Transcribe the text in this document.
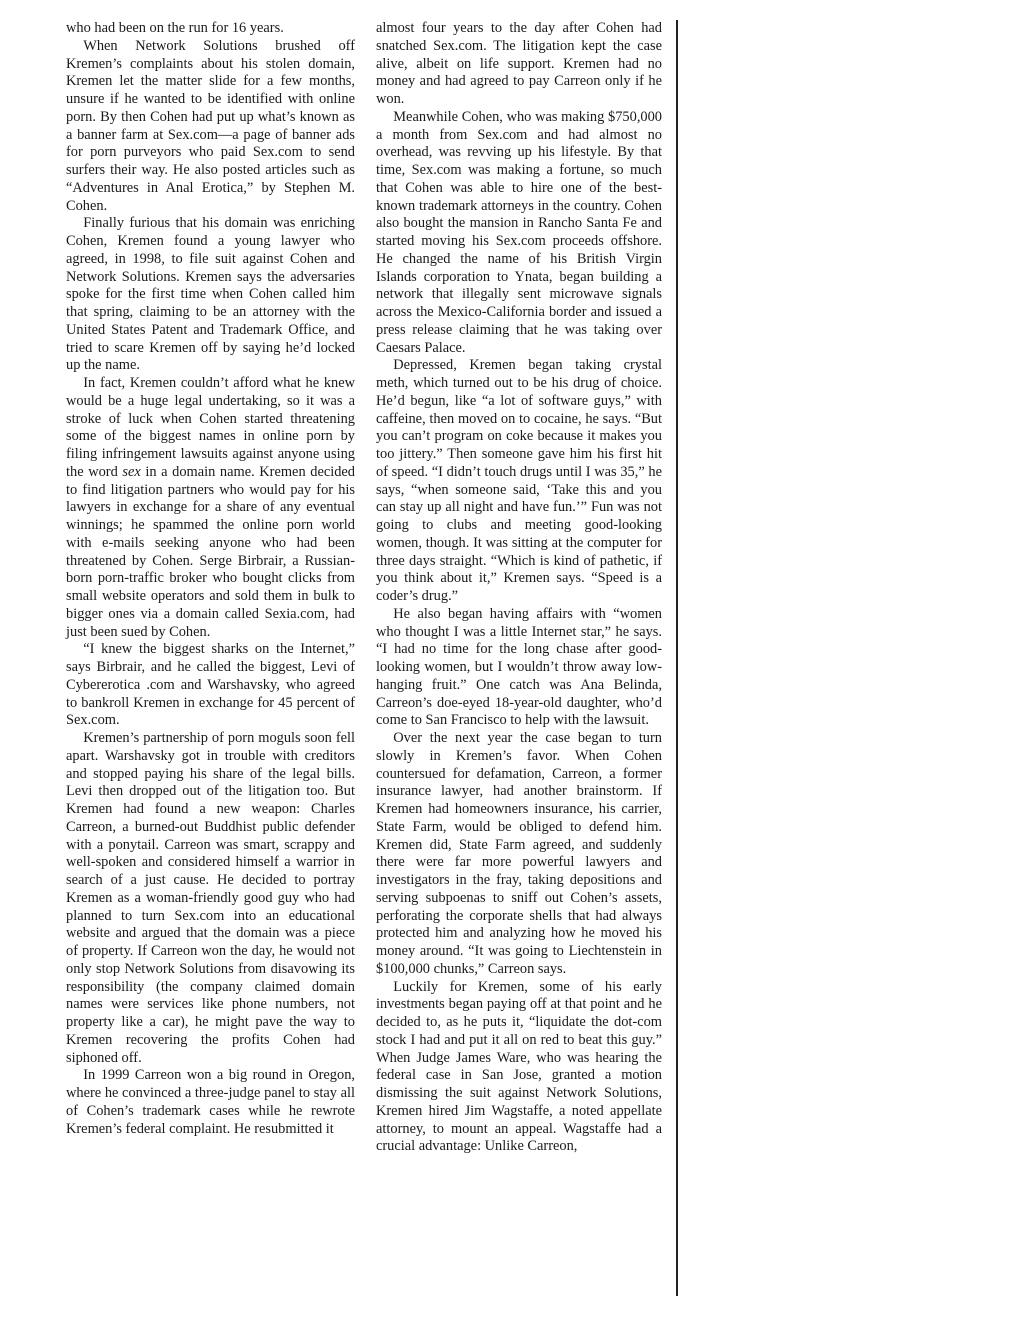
who had been on the run for 16 years.

When Network Solutions brushed off Kremen’s complaints about his stolen domain, Kremen let the matter slide for a few months, unsure if he wanted to be identified with online porn. By then Cohen had put up what’s known as a banner farm at Sex.com—a page of banner ads for porn purveyors who paid Sex.com to send surfers their way. He also posted articles such as “Adventures in Anal Erotica,” by Stephen M. Cohen.

Finally furious that his domain was enriching Cohen, Kremen found a young lawyer who agreed, in 1998, to file suit against Cohen and Network Solutions. Kremen says the adversaries spoke for the first time when Cohen called him that spring, claiming to be an attorney with the United States Patent and Trademark Office, and tried to scare Kremen off by saying he’d locked up the name.

In fact, Kremen couldn’t afford what he knew would be a huge legal undertaking, so it was a stroke of luck when Cohen started threatening some of the biggest names in online porn by filing infringement lawsuits against anyone using the word sex in a domain name. Kremen decided to find litigation partners who would pay for his lawyers in exchange for a share of any eventual winnings; he spammed the online porn world with e-mails seeking anyone who had been threatened by Cohen. Serge Birbrair, a Russian-born porn-traffic broker who bought clicks from small website operators and sold them in bulk to bigger ones via a domain called Sexia.com, had just been sued by Cohen.

“I knew the biggest sharks on the Internet,” says Birbrair, and he called the biggest, Levi of Cybererotica .com and Warshavsky, who agreed to bankroll Kremen in exchange for 45 percent of Sex.com.

Kremen’s partnership of porn moguls soon fell apart. Warshavsky got in trouble with creditors and stopped paying his share of the legal bills. Levi then dropped out of the litigation too. But Kremen had found a new weapon: Charles Carreon, a burned-out Buddhist public defender with a ponytail. Carreon was smart, scrappy and well-spoken and considered himself a warrior in search of a just cause. He decided to portray Kremen as a woman-friendly good guy who had planned to turn Sex.com into an educational website and argued that the domain was a piece of property. If Carreon won the day, he would not only stop Network Solutions from disavowing its responsibility (the company claimed domain names were services like phone numbers, not property like a car), he might pave the way to Kremen recovering the profits Cohen had siphoned off.

In 1999 Carreon won a big round in Oregon, where he convinced a three-judge panel to stay all of Cohen’s trademark cases while he rewrote Kremen’s federal complaint. He resubmitted it

almost four years to the day after Cohen had snatched Sex.com. The litigation kept the case alive, albeit on life support. Kremen had no money and had agreed to pay Carreon only if he won.

Meanwhile Cohen, who was making $750,000 a month from Sex.com and had almost no overhead, was revving up his lifestyle. By that time, Sex.com was making a fortune, so much that Cohen was able to hire one of the best-known trademark attorneys in the country. Cohen also bought the mansion in Rancho Santa Fe and started moving his Sex.com proceeds offshore. He changed the name of his British Virgin Islands corporation to Ynata, began building a network that illegally sent microwave signals across the Mexico-California border and issued a press release claiming that he was taking over Caesars Palace.

Depressed, Kremen began taking crystal meth, which turned out to be his drug of choice. He’d begun, like “a lot of software guys,” with caffeine, then moved on to cocaine, he says. “But you can’t program on coke because it makes you too jittery.” Then someone gave him his first hit of speed. “I didn’t touch drugs until I was 35,” he says, “when someone said, ‘Take this and you can stay up all night and have fun.’” Fun was not going to clubs and meeting good-looking women, though. It was sitting at the computer for three days straight. “Which is kind of pathetic, if you think about it,” Kremen says. “Speed is a coder’s drug.”

He also began having affairs with “women who thought I was a little Internet star,” he says. “I had no time for the long chase after good-looking women, but I wouldn’t throw away low-hanging fruit.” One catch was Ana Belinda, Carreon’s doe-eyed 18-year-old daughter, who’d come to San Francisco to help with the lawsuit.

Over the next year the case began to turn slowly in Kremen’s favor. When Cohen countersued for defamation, Carreon, a former insurance lawyer, had another brainstorm. If Kremen had homeowners insurance, his carrier, State Farm, would be obliged to defend him. Kremen did, State Farm agreed, and suddenly there were far more powerful lawyers and investigators in the fray, taking depositions and serving subpoenas to sniff out Cohen’s assets, perforating the corporate shells that had always protected him and analyzing how he moved his money around. “It was going to Liechtenstein in $100,000 chunks,” Carreon says.

Luckily for Kremen, some of his early investments began paying off at that point and he decided to, as he puts it, “liquidate the dot-com stock I had and put it all on red to beat this guy.” When Judge James Ware, who was hearing the federal case in San Jose, granted a motion dismissing the suit against Network Solutions, Kremen hired Jim Wagstaffe, a noted appellate attorney, to mount an appeal. Wagstaffe had a crucial advantage: Unlike Carreon,
